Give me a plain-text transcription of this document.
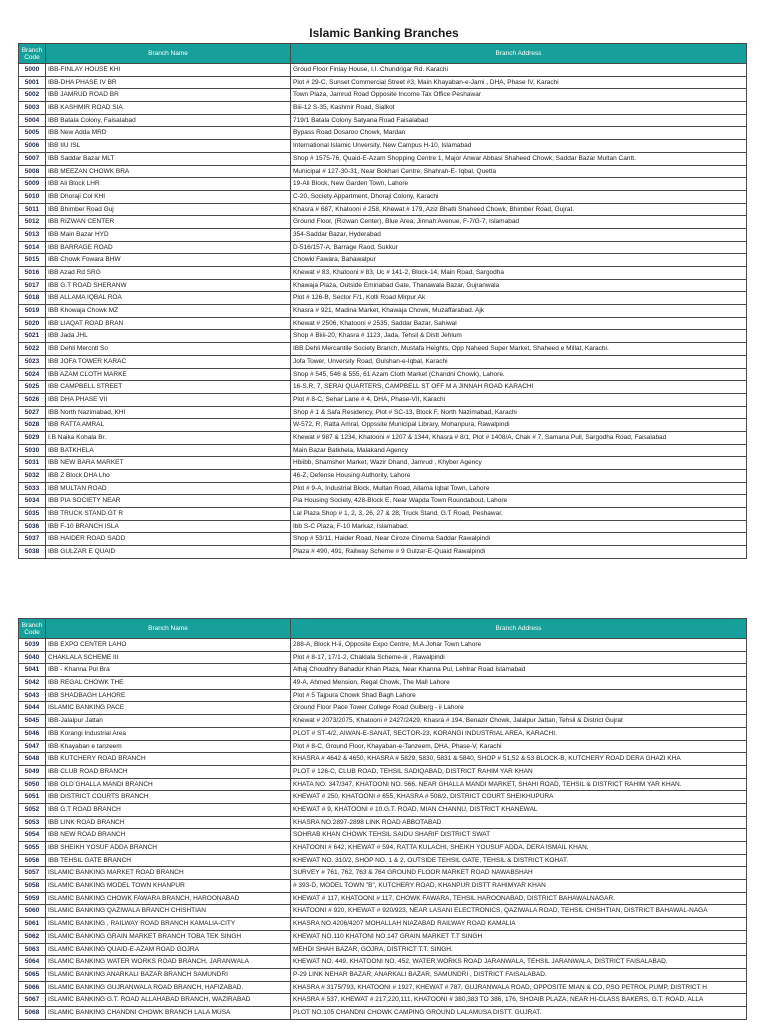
Islamic Banking Branches
Branch Code	Branch Name	Branch Address
5000	IBB-FINLAY HOUSE KHI	Groud Floor Finlay House, I.I. Chundrigar Rd. Karachi
5001	IBB-DHA PHASE IV BR	Plot # 29-C, Sunset Commercial Street #3, Main Khayaban-e-Jami , DHA, Phase IV, Karachi
5002	IBB JAMRUD ROAD BR	Town Plaza, Jamrud Road Opposite Income Tax Office Peshawar
5003	IBB KASHMIR ROAD SIA	Biii-12 S-35, Kashmir Road, Sialkot
5004	IBB Batala Colony, Faisalabad	719/1 Batala Colony Satyana Road Faisalabad
5005	IBB New Adda MRD	Bypass Road Dosaroo Chowk, Mardan
5006	IBB IIU ISL	International Islamic Unversity, New Campus H-10, Islamabad
5007	IBB Saddar Bazar MLT	Shop # 1575-76, Quaid-E-Azam Shopping Centre 1, Major Anwar Abbasi Shaheed Chowk, Saddar Bazar Multan Cantt.
5008	IBB MEEZAN CHOWK BRA	Municipal # 127-30-31, Near Bokhari Centre, Shahrah-E- Iqbal, Quetta
5009	IBB Ali Block LHR	19-Ali Block, New Garden Town, Lahore
5010	IBB Dhoraji Col KHI	C-20, Society Appartment, Dhoraji Colony, Karachi
5011	IBB Bhimber Road Guj	Khasra # 687, Khatooni # 258, Khewat # 179, Aziz Bhatti Shaheed Chowk, Bhimber Road, Gujrat.
5012	IBB RIZWAN CENTER	Ground Floor, (Rizwan Center), Blue Area, Jinnah Avenue, F-7/G-7, Islamabad
5013	IBB Main Bazar HYD	354-Saddar Bazar, Hyderabad
5014	IBB BARRAGE ROAD	D-516/157-A, Barrage Raod, Sukkur
5015	IBB Chowk Fowara BHW	Chowki Fawara, Bahawalpur
5016	IBB Azad Rd SRG	Khewat # 83, Khatooni # 83, Uc # 141-2, Block-14, Main Road, Sargodha
5017	IBB G.T ROAD SHERANW	Khawaja Plaza, Outside Eminabad Gate, Thanawala Bazar, Gujranwala
5018	IBB ALLAMA IQBAL ROA	Plot # 126-B, Sector F/1, Kotli Road Mirpur Ak
5019	IBB Khowaja Chowk MZ	Khasra # 921, Madina Market, Khawaja Chowk, Muzaffarabad. Ajk
5020	IBB LIAQAT ROAD BRAN	Khewat # 2506, Khatooni # 2535, Saddar Bazar, Sahiwal
5021	IBB Jada JHL	Shop # Biiii-20, Khasra # 1123, Jada, Tehsil & Distt Jehlum
5022	IBB Dehli Mercntl So	IBB Dehli Mercantile Society Branch, Mustafa Heights, Opp Naheed Super Market, Shaheed e Millat, Karachi.
5023	IBB JOFA TOWER KARAC	Jofa Tower, Unversity Road, Gulshan-e-Iqbal, Karachi
5024	IBB AZAM CLOTH MARKE	Shop # 545, 546 & 555, 61 Azam Cloth Market (Chandni Chowk), Lahore.
5025	IBB CAMPBELL STREET	16-S.R, 7, SERAI QUARTERS, CAMPBELL ST OFF M A JINNAH ROAD KARACHI
5026	IBB DHA PHASE VII	Plot # 8-C, Sehar Lane # 4, DHA, Phase-VII, Karachi
5027	IBB North Nazimabad, KHI	Shop # 1 & Safa Residency, Plot # SC-13, Block F, North Nazimabad, Karachi
5028	IBB RATTA AMRAL	W-572, R, Ratta Amral, Oppssite Municipal Library, Mohanpura, Rawalpindi
5029	I.B Naika Kohala Br.	Khewat # 987 & 1234, Khatooni # 1207 & 1344, Khasra # 8/1, Plot # 1408/A, Chak # 7, Samana Pull, Sargodha Road, Faisalabad
5030	IBB BATKHELA	Main Bazar Batkhela, Malakand Agency
5031	IBB NEW BARA MARKET	Hbiibb, Shamsher Market, Wazir Dhand, Jamrud , Khyber Agency
5032	IBB Z Block DHA Lho	46-Z, Defense Housing Authority, Lahore
5033	IBB MULTAN ROAD	Plot # 9-A, Industrial Block, Multan Road, Allama Iqbal Town, Lahore
5034	IBB PIA SOCIETY NEAR	Pia Housing Society, 428-Block E, Near Wapda Town Roundabout, Lahore
5035	IBB TRUCK STAND GT R	Lal Plaza Shop # 1, 2, 3, 26, 27 & 28, Truck Stand, G.T Road, Peshawar.
5036	IBB F-10 BRANCH ISLA	Ibb S-C Plaza, F-10 Markaz, Islamabad.
5037	IBB HAIDER ROAD SADD	Shop # 53/11, Haider Road, Near Ciroze Cinema Saddar Rawalpindi
5038	IBB GULZAR E QUAID	Plaza # 490, 491, Railway Scheme # 9 Gulzar-E-Quaid Rawalpindi
Branch Code	Branch Name	Branch Address
5039	IBB EXPO CENTER LAHO	288-A, Block H-ii, Opposite Expo Centre, M.A.Johar Town Lahore
5040	CHAKLALA SCHEME III	Plot # 8-17, 17/1-2, Chaklala Scheme-iii , Rawalpindi
5041	IBB - Khanna Pul Bra	Alhaj Choudhry Bahadur Khan Plaza, Near Khanna Pul, Lehtrar Road Islamabad
5042	IBB REGAL CHOWK THE	49-A, Ahmed Mension, Regal Chowk, The Mall Lahore
5043	IBB SHADBAGH LAHORE	Plot # 5 Tajpura Chowk Shad Bagh Lahore
5044	ISLAMIC BANKING PACE	Ground Floor Pace Tower College Road Gulberg - ii Lahore
5045	IBB-Jalalpur Jattan	Khewat # 2073/2075, Khatooni # 2427/2429, Khasra # 194, Benazir Chowk, Jalalpur Jattan, Tehsil & District Gujrat
5046	IBB Korangi Industrial Area	PLOT # ST-4/2, AIWAN-E-SANAT, SECTOR-23, KORANGI INDUSTRIAL AREA, KARACHI.
5047	IBB Khayaban e tanzeem	Plot # 8-C, Ground Floor, Khayaban-e-Tanzeem, DHA, Phase-V, Karachi
5048	IBB KUTCHERY ROAD BRANCH	KHASRA # 4642 & 4650, KHASRA # 5829, 5830, 5831 & 5840, SHOP # 51,52 & 53 BLOCK-B, KUTCHERY ROAD DERA GHAZI KHA
5049	IBB CLUB ROAD BRANCH	PLOT # 126-C, CLUB ROAD, TEHSIL SADIQABAD, DISTRICT RAHIM YAR KHAN
5050	IBB OLD GHALLA MANDI BRANCH	KHATA NO. 347/347, KHATOONI NO. 566, NEAR GHALLA MANDI MARKET, SHAHI ROAD, TEHSIL & DISTRICT RAHIM YAR KHAN.
5051	IBB DISTRICT COURTS BRANCH	KHEWAT # 250, KHATOONI # 655, KHASRA # 508/2, DISTRICT COURT SHEIKHUPURA
5052	IBB G.T ROAD BRANCH	KHEWAT # 9, KHATOONI # 10.G.T. ROAD, MIAN CHANNU, DISTRICT KHANEWAL
5053	IBB LINK ROAD BRANCH	KHASRA NO.2897-2898 LINK ROAD ABBOTABAD
5054	IBB NEW ROAD BRANCH	SOHRAB KHAN CHOWK TEHSIL SAIDU SHARIF DISTRICT SWAT
5055	IBB SHEIKH YOSUF ADDA BRANCH	KHATOONI # 642, KHEWAT # 594, RATTA KULACHI, SHEIKH YOUSUF ADDA, DERA ISMAIL KHAN.
5056	IBB TEHSIL GATE BRANCH	KHEWAT NO. 310/2, SHOP NO. 1 & 2, OUTSIDE TEHSIL GATE, TEHSIL & DISTRICT KOHAT.
5057	ISLAMIC BANKING MARKET ROAD BRANCH	SURVEY # 761, 762, 763 & 764 GROUND FLOOR MARKET ROAD NAWABSHAH
5058	ISLAMIC BANKING MODEL TOWN KHANPUR	# 393-D, MODEL TOWN "B", KUTCHERY ROAD, KHANPUR DISTT RAHIMYAR KHAN
5059	ISLAMIC BANKING CHOWK FAWARA BRANCH, HAROONABAD	KHEWAT # 117, KHATOONI # 117, CHOWK FAWARA, TEHSIL HAROONABAD, DISTRICT BAHAWALNAGAR.
5060	ISLAMIC BANKING QAZIWALA BRANCH CHISHTIAN	KHATOONI # 920, KHEWAT # 920/923, NEAR LASANI ELECTRONICS, QAZIWALA ROAD, TEHSIL CHISHTIAN, DISTRICT BAHAWAL-NAGA
5061	ISLAMIC BANKING , RAILWAY ROAD BRANCH KAMALIA-CITY	KHASRA NO.4206/4207 MOHALLAH NIAZABAD RAILWAY ROAD KAMALIA
5062	ISLAMIC BANKING GRAIN MARKET BRANCH TOBA TEK SINGH	KHEWAT NO.110 KHATONI NO.147 GRAIN MARKET T.T SINGH
5063	ISLAMIC BANKING QUAID-E-AZAM ROAD GOJRA	MEHDI SHAH BAZAR, GOJRA, DISTRICT T.T. SINGH.
5064	ISLAMIC BANKING WATER WORKS ROAD BRANCH, JARANWALA	KHEWAT NO. 449, KHATOONI NO. 452, WATER WORKS ROAD JARANWALA, TEHSIL JARANWALA, DISTRICT FAISALABAD.
5065	ISLAMIC BANKING ANARKALI BAZAR BRANCH SAMUNDRI	P-29 LINK NEHAR BAZAR, ANARKALI BAZAR, SAMUNDRI , DISTRICT FAISALABAD.
5066	ISLAMIC BANKING GUJRANWALA ROAD BRANCH, HAFIZABAD.	KHASRA # 3175/793, KHATOONI # 1927, KHEWAT # 787, GUJRANWALA ROAD, OPPOSITE MIAN & CO, PSO PETROL PUMP, DISTRICT H
5067	ISLAMIC BANKING G.T. ROAD ALLAHABAD BRANCH, WAZIRABAD	KHASRA # 537, KHEWAT # 217,220,111, KHATOONI # 380,383 TO 386, 176, SHOAIB PLAZA, NEAR HI-CLASS BAKERS, G.T. ROAD, ALLA
5068	ISLAMIC BANKING CHANDNI CHOWK BRANCH LALA MUSA	PLOT NO.105 CHANDNI CHOWK CAMPING GROUND LALAMUSA DISTT. GUJRAT.
